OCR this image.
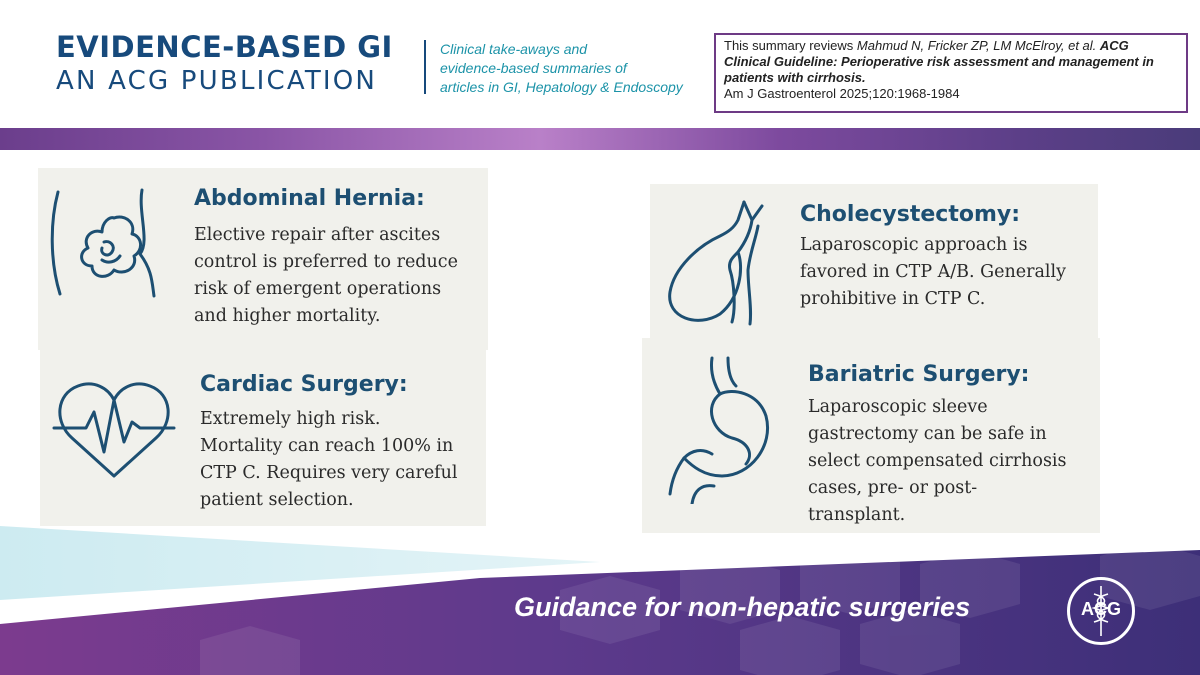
EVIDENCE-BASED GI
AN ACG PUBLICATION
Clinical take-aways and
evidence-based summaries of
articles in GI, Hepatology & Endoscopy
This summary reviews Mahmud N, Fricker ZP, LM McElroy, et al. ACG Clinical Guideline: Perioperative risk assessment and management in patients with cirrhosis.
Am J Gastroenterol 2025;120:1968-1984
Abdominal Hernia:
Elective repair after ascites
control is preferred to reduce
risk of emergent operations
and higher mortality.
Cardiac Surgery:
Extremely high risk.
Mortality can reach 100% in
CTP C. Requires very careful
patient selection.
Cholecystectomy:
Laparoscopic approach is
favored in CTP A/B. Generally
prohibitive in CTP C.
Bariatric Surgery:
Laparoscopic sleeve
gastrectomy can be safe in
select compensated cirrhosis
cases, pre- or post-
transplant.
Guidance for non-hepatic surgeries	ACG
